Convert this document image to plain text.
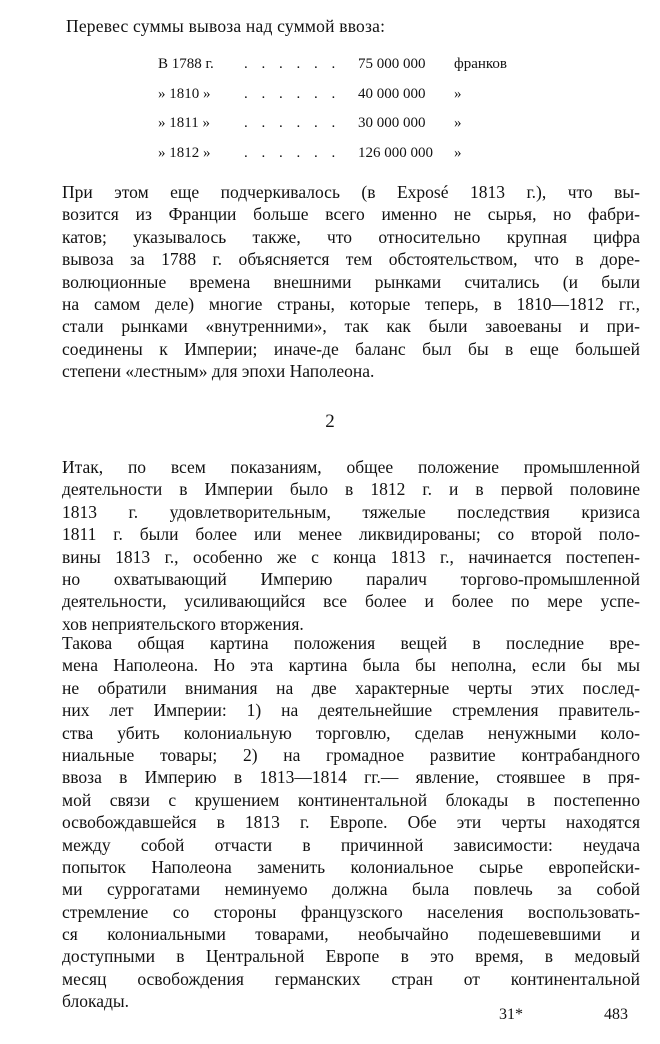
Перевес суммы вывоза над суммой ввоза:
В 1788 г. . . . . . . 75 000 000 франков
» 1810 » . . . . . . 40 000 000 »
» 1811 » . . . . . . 30 000 000 »
» 1812 » . . . . . . 126 000 000 »
При этом еще подчеркивалось (в Exposé 1813 г.), что вы-
возится из Франции больше всего именно не сырья, но фабри-
катов; указывалось также, что относительно крупная цифра
вывоза за 1788 г. объясняется тем обстоятельством, что в доре-
волюционные времена внешними рынками считались (и были
на самом деле) многие страны, которые теперь, в 1810—1812 гг.,
стали рынками «внутренними», так как были завоеваны и при-
соединены к Империи; иначе-де баланс был бы в еще большей
степени «лестным» для эпохи Наполеона.
2
Итак, по всем показаниям, общее положение промышленной
деятельности в Империи было в 1812 г. и в первой половине
1813 г. удовлетворительным, тяжелые последствия кризиса
1811 г. были более или менее ликвидированы; со второй поло-
вины 1813 г., особенно же с конца 1813 г., начинается постепен-
но охватывающий Империю паралич торгово-промышленной
деятельности, усиливающийся все более и более по мере успе-
хов неприятельского вторжения.
Такова общая картина положения вещей в последние вре-
мена Наполеона. Но эта картина была бы неполна, если бы мы
не обратили внимания на две характерные черты этих послед-
них лет Империи: 1) на деятельнейшие стремления правитель-
ства убить колониальную торговлю, сделав ненужными коло-
ниальные товары; 2) на громадное развитие контрабандного
ввоза в Империю в 1813—1814 гг.— явление, стоявшее в пря-
мой связи с крушением континентальной блокады в постепенно
освобождавшейся в 1813 г. Европе. Обе эти черты находятся
между собой отчасти в причинной зависимости: неудача
попыток Наполеона заменить колониальное сырье европейски-
ми суррогатами неминуемо должна была повлечь за собой
стремление со стороны французского населения воспользовать-
ся колониальными товарами, необычайно подешевевшими и
доступными в Центральной Европе в это время, в медовый
месяц освобождения германских стран от континентальной
блокады.
31*	483
